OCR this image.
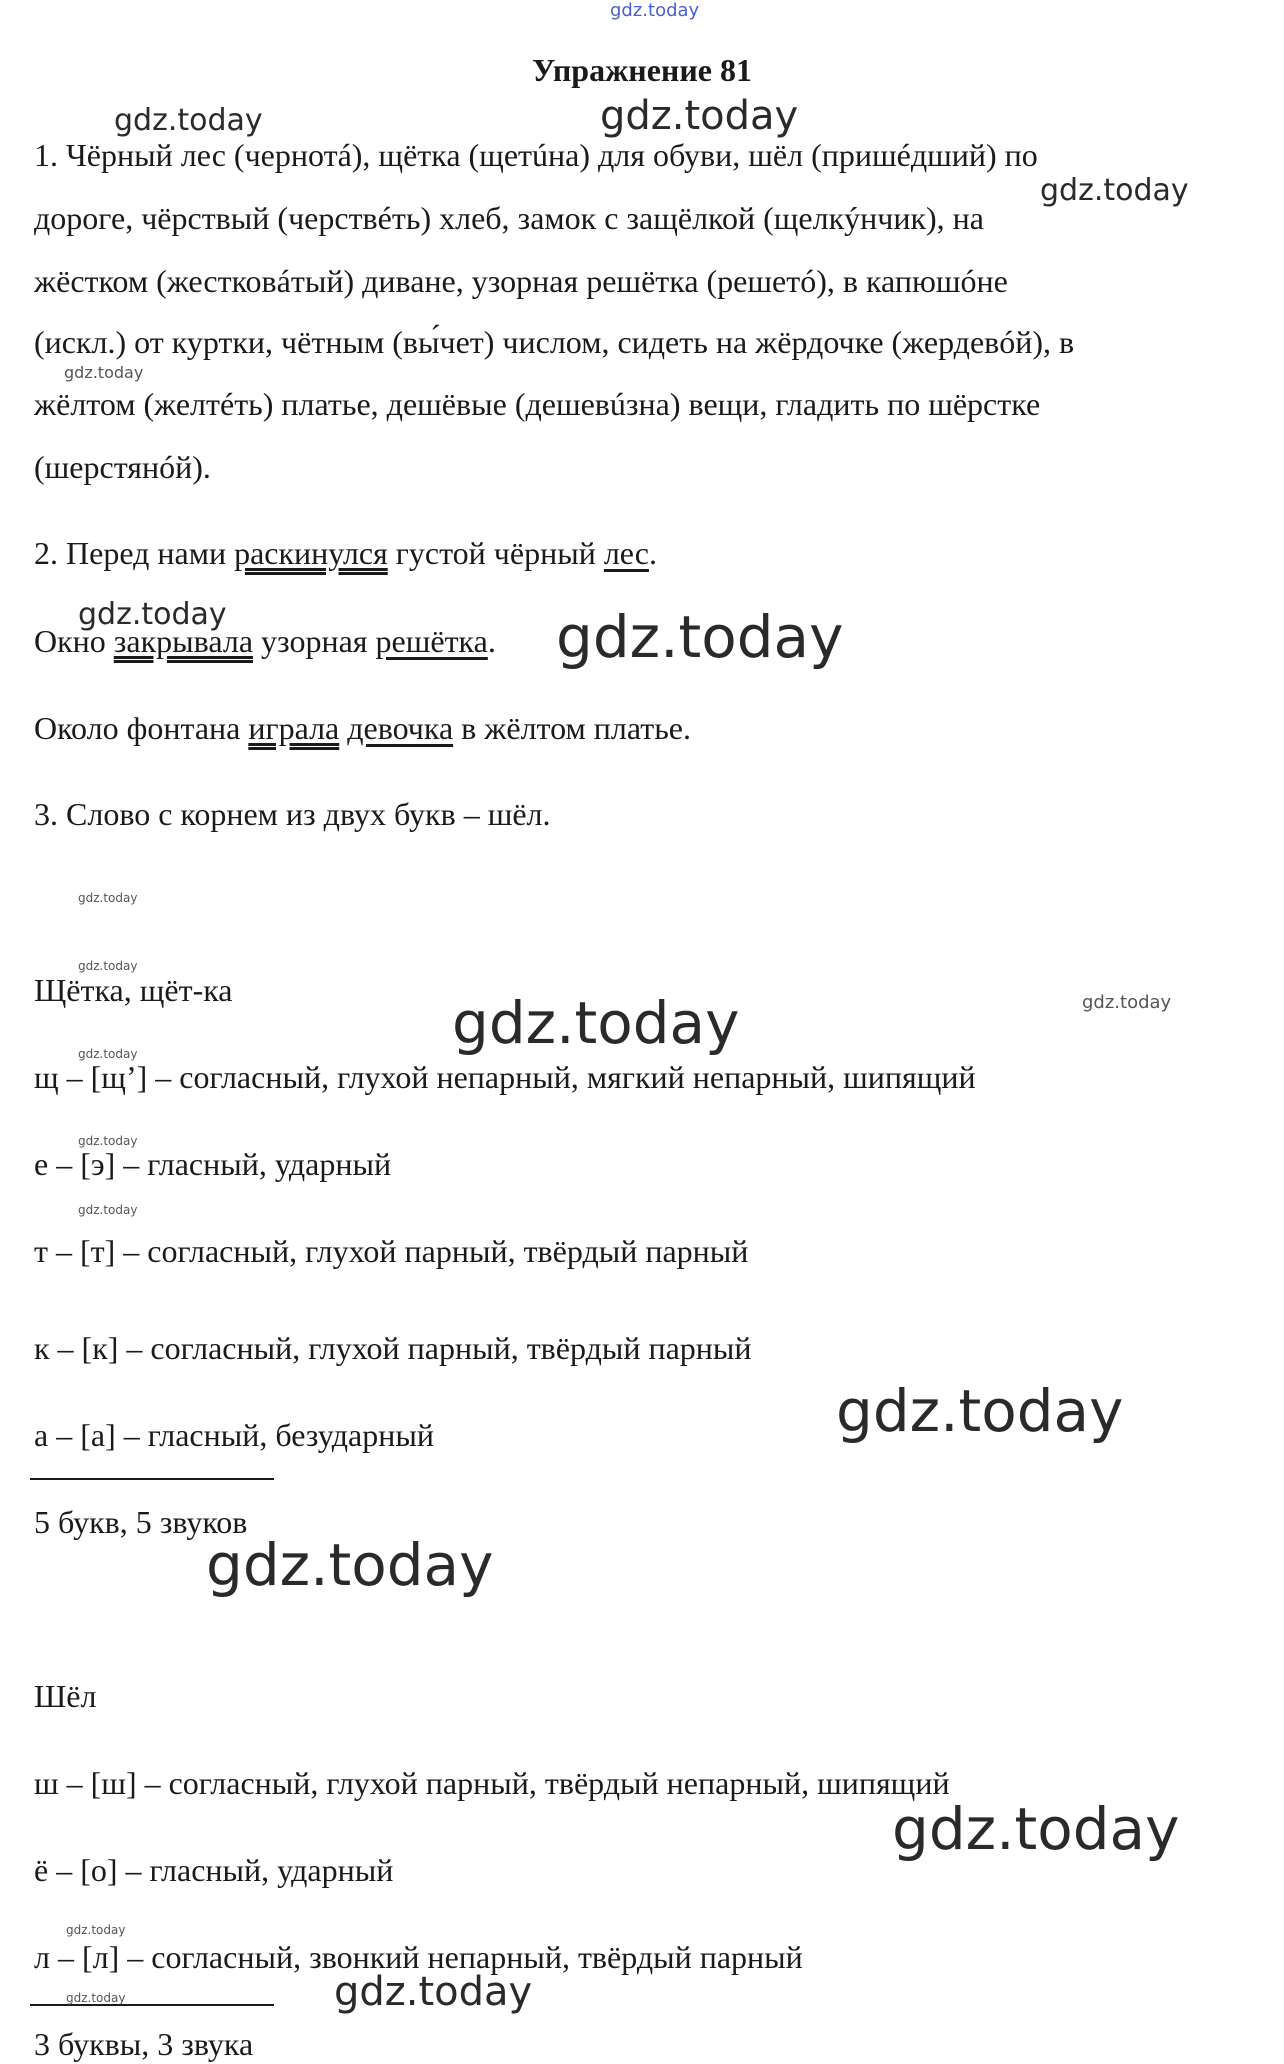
gdz.today
Упражнение 81
1. Чёрный лес (чернотá), щётка (щетúна) для обуви, шёл (пришéдший) по
дороге, чёрствый (черствéть) хлеб, замок с защёлкой (щелкýнчик), на
жёстком (жестковáтый) диване, узорная решётка (решетó), в капюшóне
(искл.) от куртки, чётным (вы́чет) числом, сидеть на жёрдочке (жердевóй), в
жёлтом (желтéть) платье, дешёвые (дешевúзна) вещи, гладить по шёрстке
(шерстянóй).
2. Перед нами раскинулся густой чёрный лес.
Окно закрывала узорная решётка.
Около фонтана играла девочка в жёлтом платье.
3. Слово с корнем из двух букв – шёл.
Щётка, щёт-ка
щ – [щ’] – согласный, глухой непарный, мягкий непарный, шипящий
е – [э] – гласный, ударный
т – [т] – согласный, глухой парный, твёрдый парный
к – [к] – согласный, глухой парный, твёрдый парный
а – [а] – гласный, безударный
5 букв, 5 звуков
Шёл
ш – [ш] – согласный, глухой парный, твёрдый непарный, шипящий
ё – [о] – гласный, ударный
л – [л] – согласный, звонкий непарный, твёрдый парный
3 буквы, 3 звука
gdz.today	gdz.today
gdz.today
gdz.today
gdz.today	gdz.today
gdz.today
gdz.today
gdz.today
gdz.today
gdz.today
gdz.today
gdz.today
gdz.today
gdz.today
gdz.today
gdz.today
gdz.today	gdz.today
